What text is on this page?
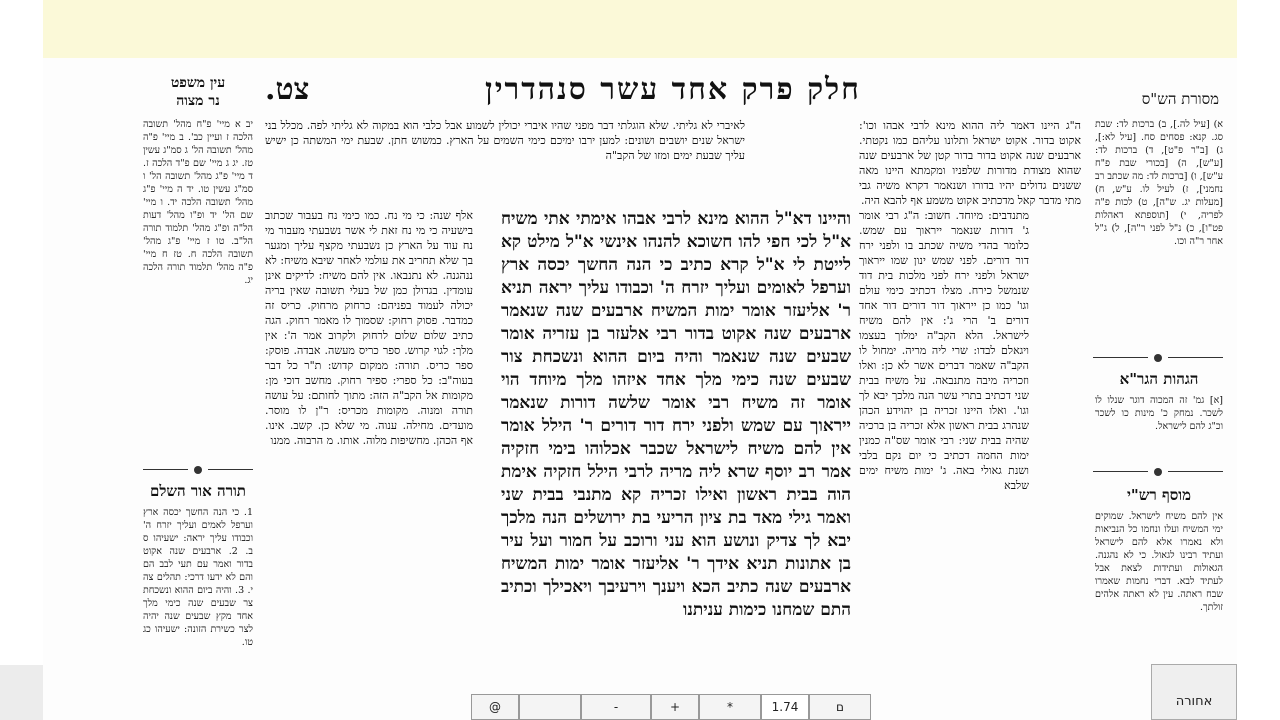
חלק פרק אחד עשר סנהדרין
צט.
עין משפט
נר מצוה	מסורת הש"ס
א) [עיל לה.], ב) ברכות לד: שבת סג. קנא: פסחים סח. [עיל לא:], ג) [ב"ר פ"ט], ד) ברכות לד: [ע"ש], ה) [בכורי שבת פ"ח ע"ש], ו) [ברכות לד: מה שכתב רב נחמני], ז) לעיל לו. ע"ש, ח) [מעלות יג. ש"ה], ט) לכות פ"ה לפריה, י) [תוספתא דאהלות פט"ו], כ) נ"ל לפני ר"ה], ל) ג"ל אחר ר"ה וכו.
הגהות הגר"א
[א] גמ' זה המכוה דוגר שנלו לו לשכר. נמחק כ' מינות כו לשכר וכ"ג להם לישראל.
מוסף רש"י
אין להם משיח לישראל. שמוקים ימי המשיח ועלו ונחמו כל הנביאות ולא נאמרו אלא להם לישראל ועתיד רבינו לגאול. כי לא נהגנה. הגאולות ועתידות לצאת אבל לעתיד לבא. דברי נחמות שאמרו שבח ראתה. עין לא ראתה אלהים זולתך.
ה"ג היינו דאמר ליה ההוא מינא לרבי אבהו וכו': אקוט בדור. אקוט ישראל ותלונו עליהם כמו נקטתי. ארבעים שנה אקוט בדור בדור קטן של ארבעים שנה שהוא מצודת מדורות שלפניו ומקמתא היינו מאה ששנים גדולים יהיו בדורו ושנאמר דקרא משיה גבי מתי מדבר קאל מדכתיב אקוט משמע אף להבא היה.
מתנדבים: מיוחד. חשוב: ה"ג רבי אומר ג' דורות שנאמר ייראוך עם שמש. כלומר בהדי משיה שכתב בו ולפני ירח דור דורים. לפני שמש ינון שמו ייראוך ישראל ולפני ירח לפני מלכות בית דוד שנמשל כירח. מצלו דכתיב כימי עולם וגו' כמו כן ייראוך דור דורים דור אחד דורים ב' הרי ג': אין להם משיח לישראל. הלא הקב"ה ימלוך בעצמו ויגאלם לבדו: שרי ליה מריה. ימחול לו הקב"ה שאמר דברים אשר לא כן: ואלו וזכריה מיבה מתנבאה. על משיח בבית שני דכתיב בתרי עשר הנה מלכך יבא לך וגו'. ואלו היינו זכריה בן יהוידע הכהן שנהרג בבית ראשון אלא זכריה בן ברכיה שהיה בבית שני: רבי אומר שס"ה כמנין ימות החמה דכתיב כי יום נקם בלבי ושנת גאולי באה. ג' ימות משיח ימים שלבא
לאיברי לא גליתי. שלא הוגלתי דבר מפני שהיו איברי יכולין לשמוע אבל כלבי הוא במקוה לא גליתי לפה. מכלל בני ישראל שנים יושבים ושונים: למען ירבו ימיכם כימי השמים על הארץ. כמשוש חתן. שבעת ימי המשתה כן ישיש עליך שבעת ימים ומזו של הקב"ה
אלף שנה: כי מי נח. כמו כימי נח בעבור שכתוב בישעיה כי מי נח זאת לי אשר נשבעתי מעבור מי נח עוד על הארץ כן נשבעתי מקצף עליך ומגער בך שלא תחריב את עולמי לאחר שיבא משיח: לא ננהגנה. לא נתנבאו. אין להם משיח: לדיקים אינן עומדין. בגדולן כמן של בעלי תשובה שאין בריה יכולה לעמוד בפניהם: כרחוק מרחוק. כריס זה כמדבר. פסוק רחוק: שסמוך לו מאמר רחוק. הגה כתיב שלום שלום לרחוק ולקרוב אמר ה': אין מלך: לגוי קרוש. ספר כריס מעשה. אבדה. פוסק: ספר כריס. תורה: ממקום קדוש: ת"ר כל דבר בעוה"ב: כל ספרי: ספיר רחוק. מחשב דוכי מן: מקומות אל הקב"ה הזה: מתוך לחותם: על עושה תורה ומנוה. מקומות מכריס: ר"ן לו מוסר. מועדים. מחילה. ענוה. מי שלא כן. קשב. אינו. אף הכהן. מחשיפות מלוה. אותו. מ הרבוה. ממנו
והיינו דא"ל ההוא מינא לרבי אבהו אימתי אתי משיח א"ל לכי חפי להו חשוכא להנהו אינשי א"ל מילט קא לייטת לי א"ל קרא כתיב כי הנה החשך יכסה ארץ וערפל לאומים ועליך יזרח ה' וכבודו עליך יראה תניא ר' אליעזר אומר ימות המשיח ארבעים שנה שנאמר ארבעים שנה אקוט בדור רבי אלעזר בן עזריה אומר שבעים שנה שנאמר והיה ביום ההוא ונשכחת צור שבעים שנה כימי מלך אחד איזהו מלך מיוחד הוי אומר זה משיח רבי אומר שלשה דורות שנאמר ייראוך עם שמש ולפני ירח דור דורים ר' הילל אומר אין להם משיח לישראל שכבר אכלוהו בימי חזקיה אמר רב יוסף שרא ליה מריה לרבי הילל חזקיה אימת הוה בבית ראשון ואילו זכריה קא מתנבי בבית שני ואמר גילי מאד בת ציון הריעי בת ירושלים הנה מלכך יבא לך צדיק ונושע הוא עני ורוכב על חמור ועל עיר בן אתונות תניא אידך ר' אליעזר אומר ימות המשיח ארבעים שנה כתיב הכא ויענך וירעיבך ויאכילך וכתיב התם שמחנו כימות עניתנו
יב א מיי' פ"ח מהל' תשובה הלכה ז ועיין כב'. ב מיי' פ"ה מהל' תשובה הל' ג סמ"ג עשין טז. יג ג מיי' שם פ"ד הלכה ז. ד מיי' פ"ג מהל' תשובה הל' ו סמ"ג עשין טו. יד ה מיי' פ"ג מהל' תשובה הלכה יד. ו מיי' שם הל' יד ופ"ו מהל' דעות הל"ה ופ"ג מהל' תלמוד תורה הל"ב. טו ז מיי' פ"ג מהל' תשובה הלכה ח. טז ח מיי' פ"ה מהל' תלמוד תורה הלכה יג.
תורה אור השלם
1. כי הנה החשך יכסה ארץ וערפל לאמים ועליך יזרח ה' וכבודו עליך יראה: ישעיהו ס ב. 2. ארבעים שנה אקוט בדור ואמר עם תעי לבב הם והם לא ידעו דרכי: תהלים צה י. 3. והיה ביום ההוא ונשכחת צר שבעים שנה כימי מלך אחד מקץ שבעים שנה יהיה לצר כשירת הזונה: ישעיהו כג טו.
@	-	+	*	1.74	ם	אחורה
